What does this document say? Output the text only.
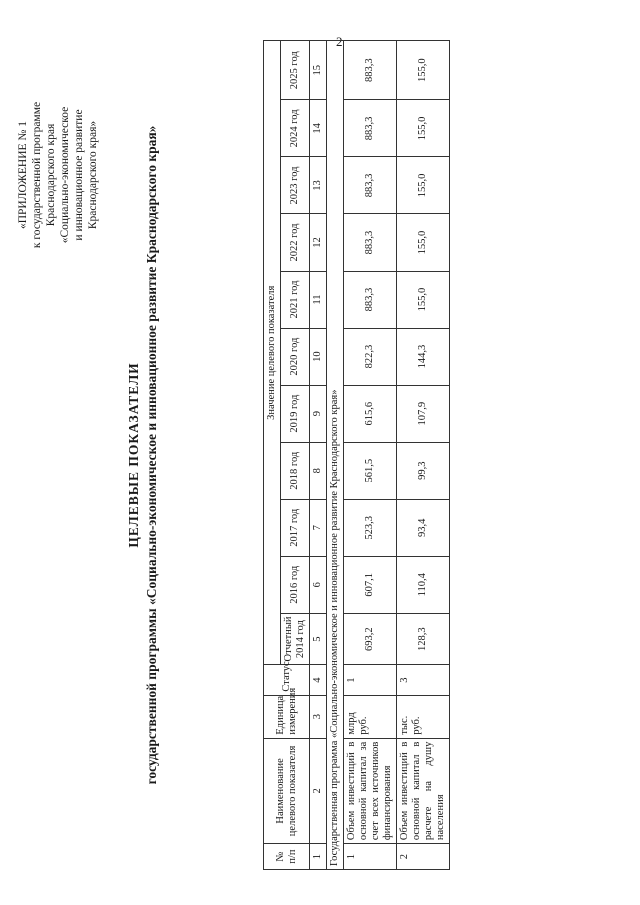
2
«ПРИЛОЖЕНИЕ № 1 к государственной программе Краснодарского края «Социально-экономическое и инновационное развитие Краснодарского края»
ЦЕЛЕВЫЕ ПОКАЗАТЕЛИ государственной программы «Социально-экономическое и инновационное развитие Краснодарского края»
№ п/п	Наименование целевого показателя	Единица измерения	Статус	Значение целевого показателя										
				Отчетный 2014 год	2016 год	2017 год	2018 год	2019 год	2020 год	2021 год	2022 год	2023 год	2024 год	2025 год
1	2	3	4	5	6	7	8	9	10	11	12	13	14	15
Государственная программа «Социально-экономическое и инновационное развитие Краснодарского края»														
1	Объем инвестиций в основной капитал за счет всех источников финансирования	млрд руб.	1	693,2	607,1	523,3	561,5	615,6	822,3	883,3	883,3	883,3	883,3	883,3
2	Объем инвестиций в основной капитал в расчете на душу населения	тыс. руб.	3	128,3	110,4	93,4	99,3	107,9	144,3	155,0	155,0	155,0	155,0	155,0
